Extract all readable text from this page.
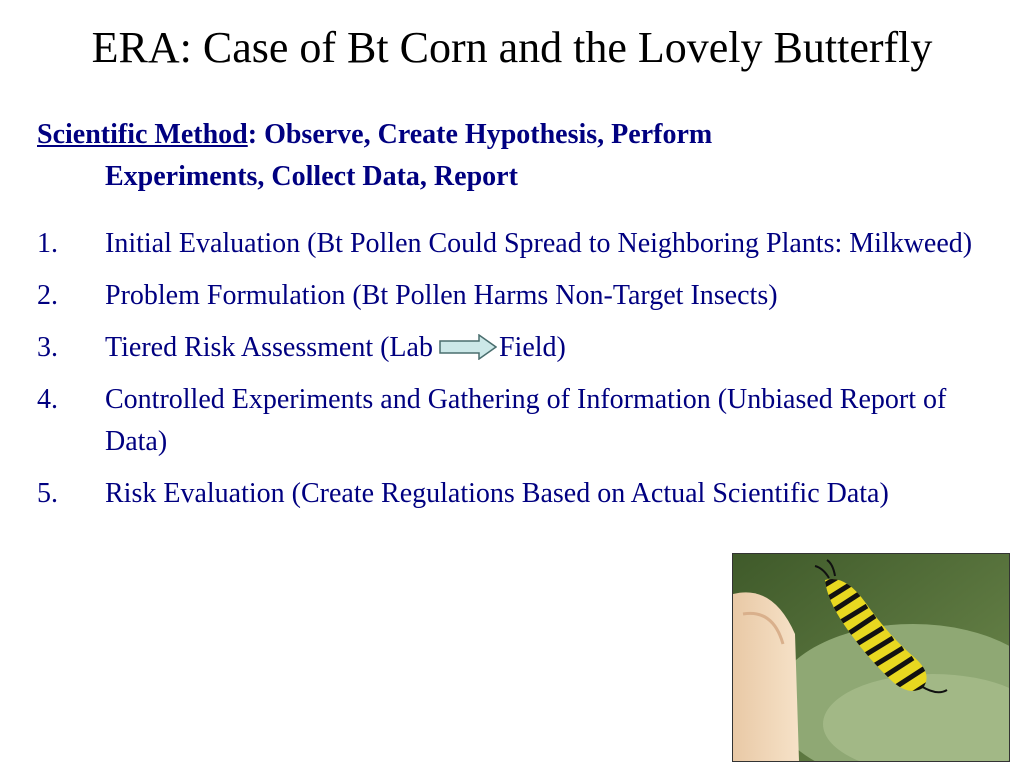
ERA: Case of Bt Corn and the Lovely Butterfly
Scientific Method: Observe, Create Hypothesis, Perform
Experiments, Collect Data, Report
1. Initial Evaluation (Bt Pollen Could Spread to Neighboring Plants: Milkweed)
2. Problem Formulation (Bt Pollen Harms Non-Target Insects)
3. Tiered Risk Assessment (Lab Field)
4. Controlled Experiments and Gathering of Information (Unbiased Report of Data)
5. Risk Evaluation (Create Regulations Based on Actual Scientific Data)
